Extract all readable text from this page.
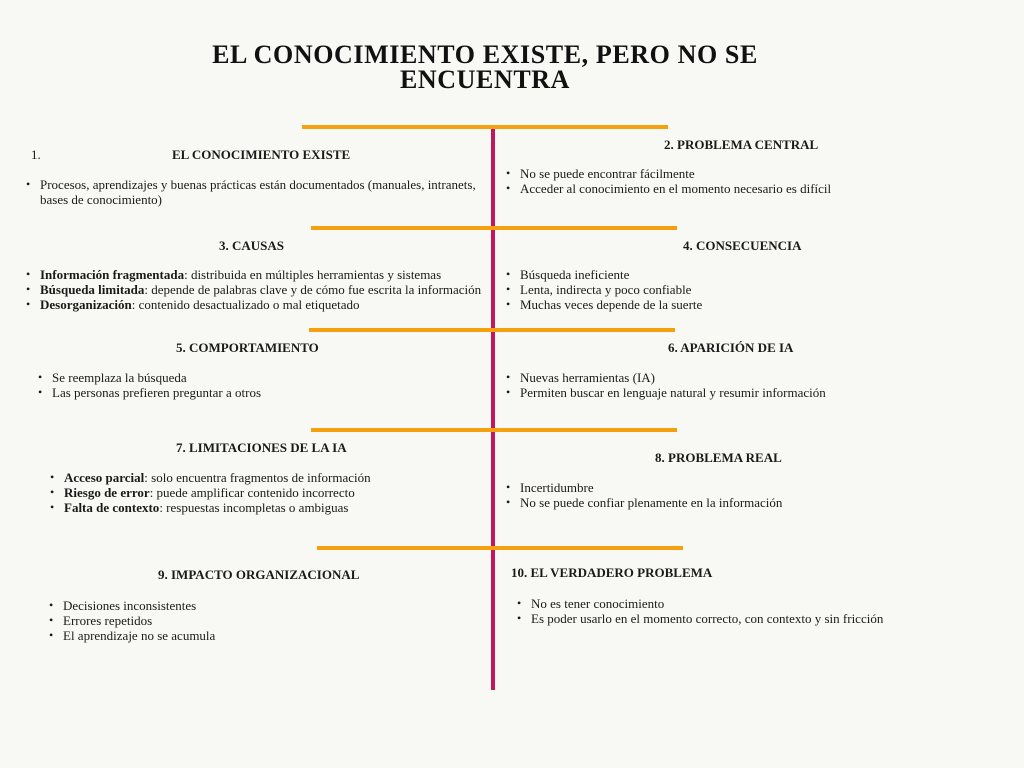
EL CONOCIMIENTO EXISTE, PERO NO SE ENCUENTRA
1.	EL CONOCIMIENTO EXISTE
• Procesos, aprendizajes y buenas prácticas están documentados (manuales, intranets, bases de conocimiento)
2. PROBLEMA CENTRAL
• No se puede encontrar fácilmente
• Acceder al conocimiento en el momento necesario es difícil
3. CAUSAS
• Información fragmentada: distribuida en múltiples herramientas y sistemas
• Búsqueda limitada: depende de palabras clave y de cómo fue escrita la información
• Desorganización: contenido desactualizado o mal etiquetado
4. CONSECUENCIA
• Búsqueda ineficiente
• Lenta, indirecta y poco confiable
• Muchas veces depende de la suerte
5. COMPORTAMIENTO
• Se reemplaza la búsqueda
• Las personas prefieren preguntar a otros
6. APARICIÓN DE IA
• Nuevas herramientas (IA)
• Permiten buscar en lenguaje natural y resumir información
7. LIMITACIONES DE LA IA
• Acceso parcial: solo encuentra fragmentos de información
• Riesgo de error: puede amplificar contenido incorrecto
• Falta de contexto: respuestas incompletas o ambiguas
8. PROBLEMA REAL
• Incertidumbre
• No se puede confiar plenamente en la información
9. IMPACTO ORGANIZACIONAL
• Decisiones inconsistentes
• Errores repetidos
• El aprendizaje no se acumula
10. EL VERDADERO PROBLEMA
• No es tener conocimiento
• Es poder usarlo en el momento correcto, con contexto y sin fricción
